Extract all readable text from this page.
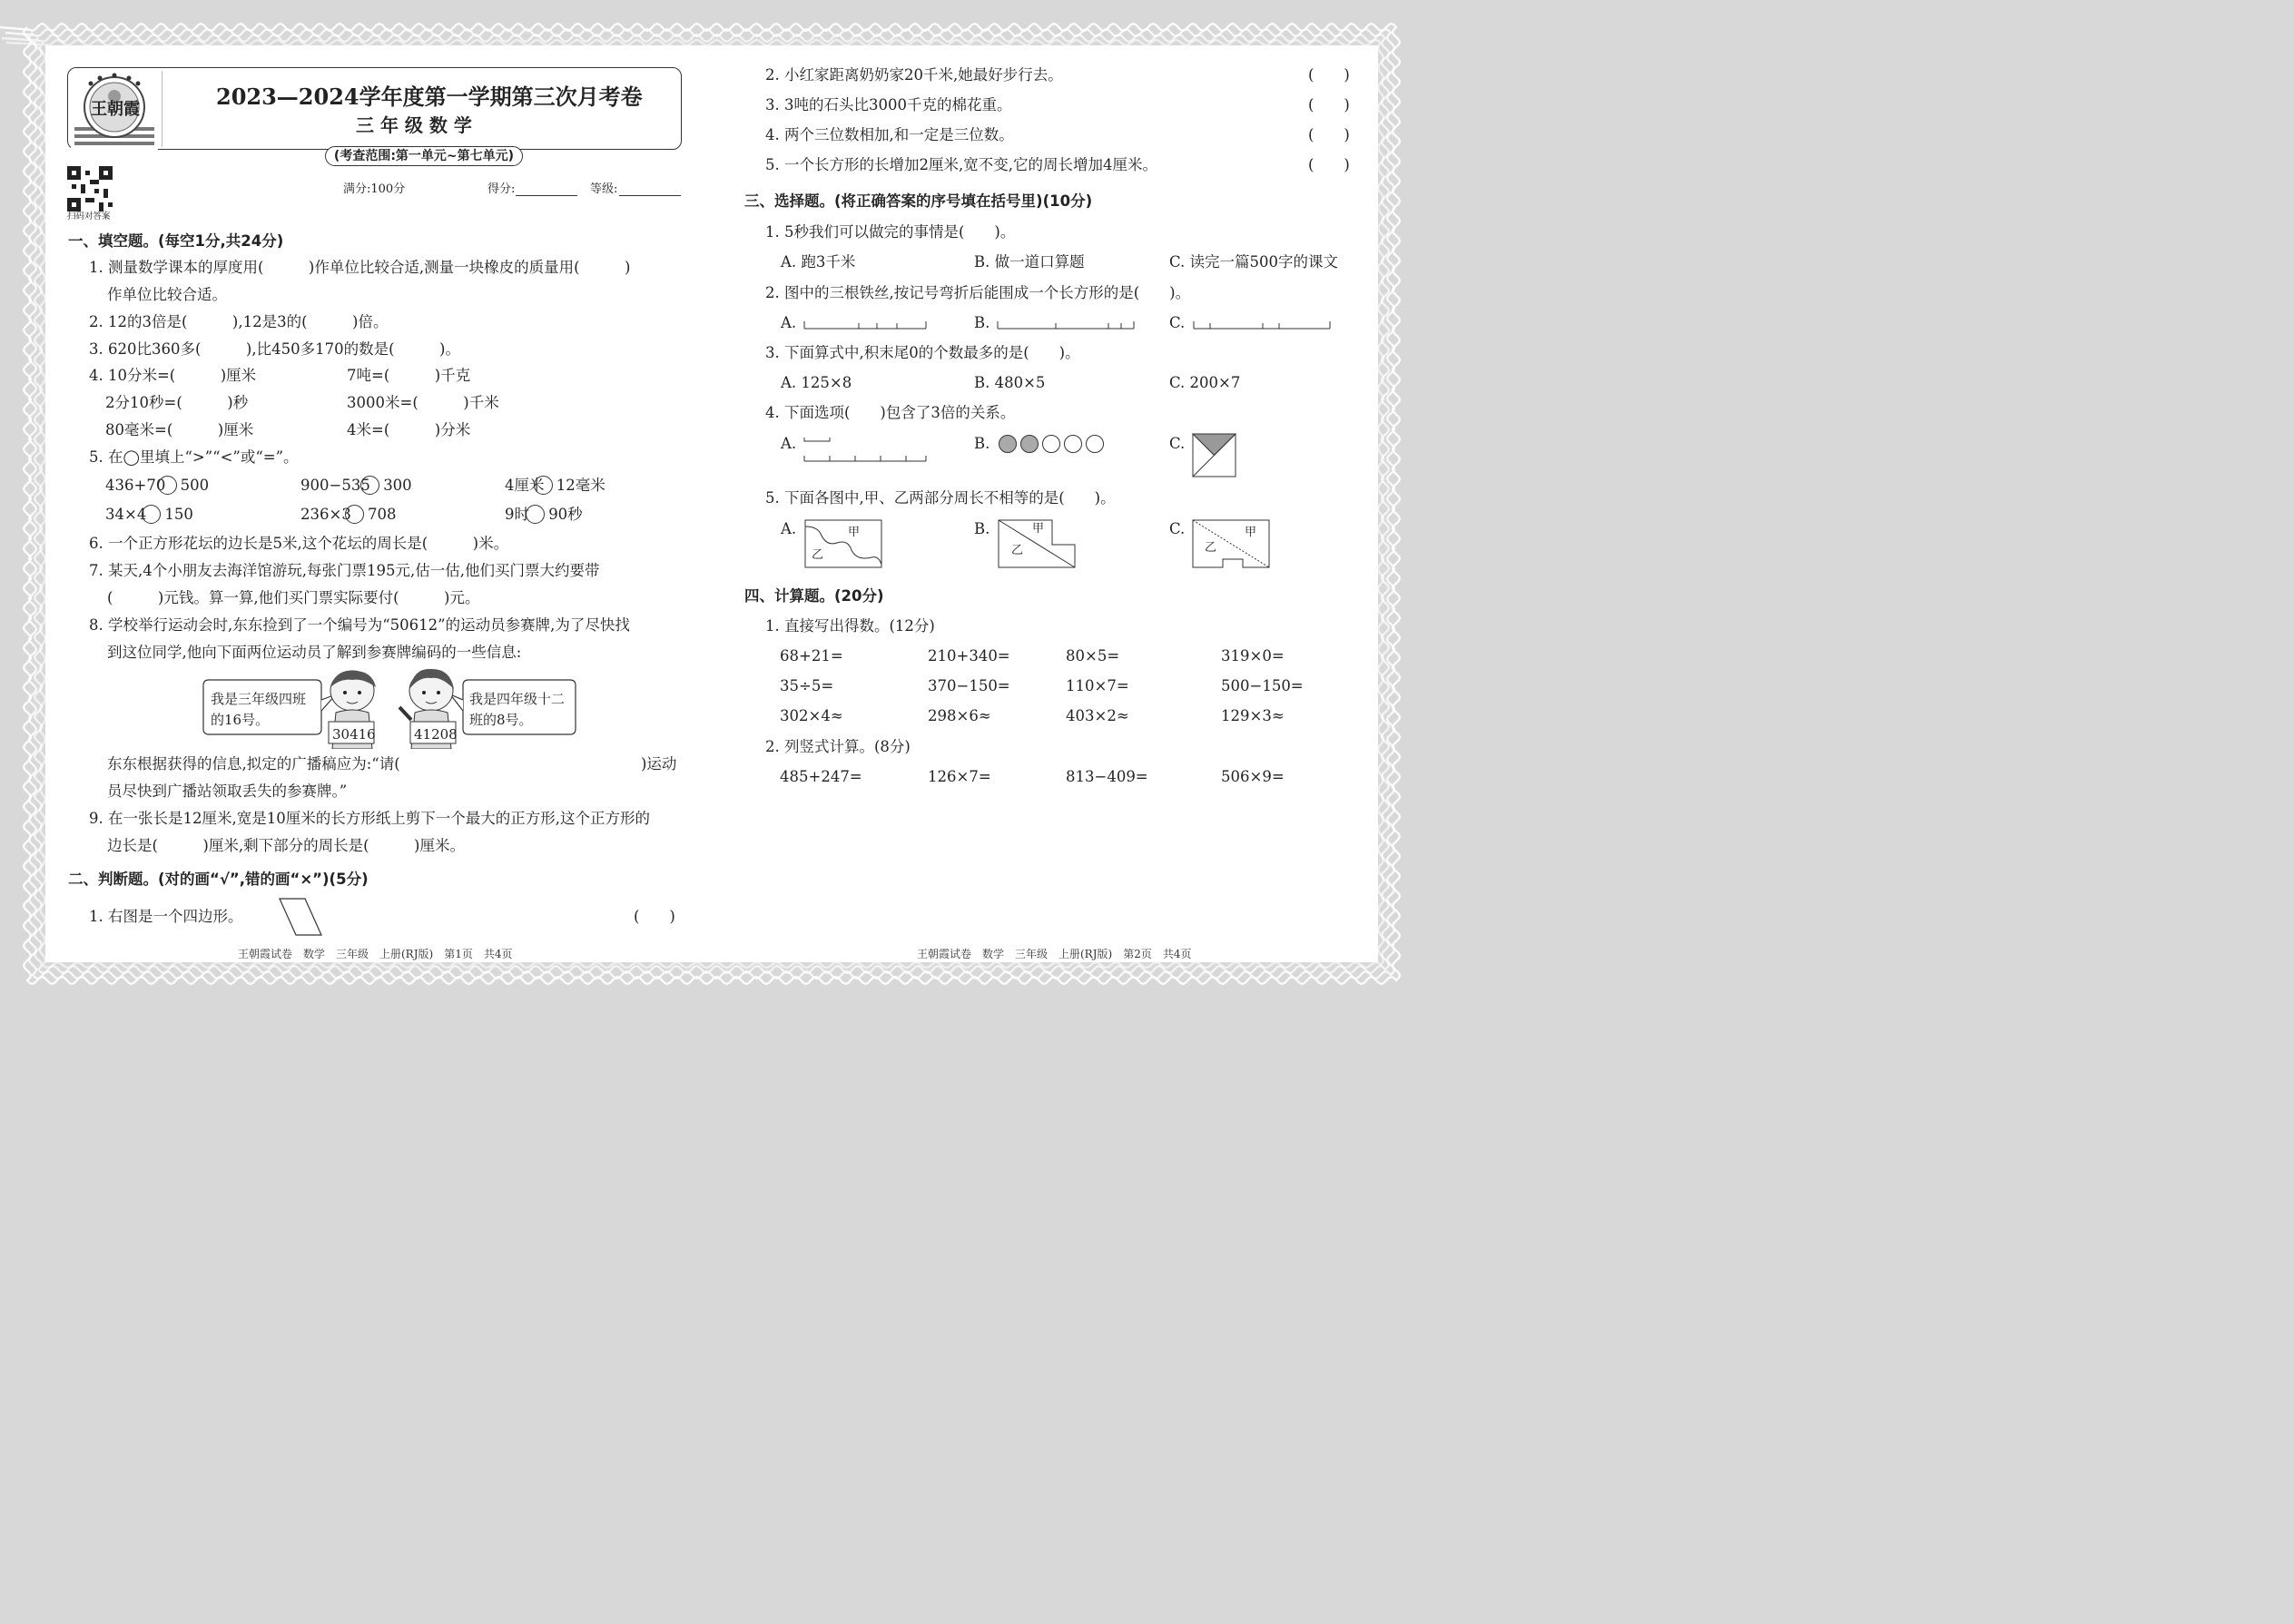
王朝霞	2023—2024学年度第一学期第三次月考卷
三 年 级 数 学
(考查范围:第一单元~第七单元)
扫码对答案
满分:100分	得分:	等级:
一、填空题。(每空1分,共24分)
1. 测量数学课本的厚度用(　　　)作单位比较合适,测量一块橡皮的质量用(　　　)
作单位比较合适。
2. 12的3倍是(　　　),12是3的(　　　)倍。
3. 620比360多(　　　),比450多170的数是(　　　)。
4. 10分米=(　　　)厘米	7吨=(　　　)千克
2分10秒=(　　　)秒	3000米=(　　　)千米
80毫米=(　　　)厘米	4米=(　　　)分米
5. 在◯里填上“>”“<”或“=”。
436+70 500	900−535 300	4厘米 12毫米
34×4 150	236×3 708	9时 90秒
6. 一个正方形花坛的边长是5米,这个花坛的周长是(　　　)米。
7. 某天,4个小朋友去海洋馆游玩,每张门票195元,估一估,他们买门票大约要带
(　　　)元钱。算一算,他们买门票实际要付(　　　)元。
8. 学校举行运动会时,东东捡到了一个编号为“50612”的运动员参赛牌,为了尽快找
到这位同学,他向下面两位运动员了解到参赛牌编码的一些信息:
我是三年级四班
的16号。
30416
我是四年级十二
班的8号。
41208
东东根据获得的信息,拟定的广播稿应为:“请(	)运动
员尽快到广播站领取丢失的参赛牌。”
9. 在一张长是12厘米,宽是10厘米的长方形纸上剪下一个最大的正方形,这个正方形的
边长是(　　　)厘米,剩下部分的周长是(　　　)厘米。
二、判断题。(对的画“√”,错的画“×”)(5分)
1. 右图是一个四边形。	(　　)
2. 小红家距离奶奶家20千米,她最好步行去。	(　　)
3. 3吨的石头比3000千克的棉花重。	(　　)
4. 两个三位数相加,和一定是三位数。	(　　)
5. 一个长方形的长增加2厘米,宽不变,它的周长增加4厘米。	(　　)
三、选择题。(将正确答案的序号填在括号里)(10分)
1. 5秒我们可以做完的事情是(　　)。
A. 跑3千米	B. 做一道口算题	C. 读完一篇500字的课文
2. 图中的三根铁丝,按记号弯折后能围成一个长方形的是(　　)。
A.	B.	C.
3. 下面算式中,积末尾0的个数最多的是(　　)。
A. 125×8	B. 480×5	C. 200×7
4. 下面选项(　　)包含了3倍的关系。
A.	B.	C.
5. 下面各图中,甲、乙两部分周长不相等的是(　　)。
A.	B.	C.
甲
乙
甲
乙
甲
乙
四、计算题。(20分)
1. 直接写出得数。(12分)
68+21=	210+340=	80×5=	319×0=
35÷5=	370−150=	110×7=	500−150=
302×4≈	298×6≈	403×2≈	129×3≈
2. 列竖式计算。(8分)
485+247=	126×7=	813−409=	506×9=
王朝霞试卷　数学　三年级　上册(RJ版)　第1页　共4页	王朝霞试卷　数学　三年级　上册(RJ版)　第2页　共4页
